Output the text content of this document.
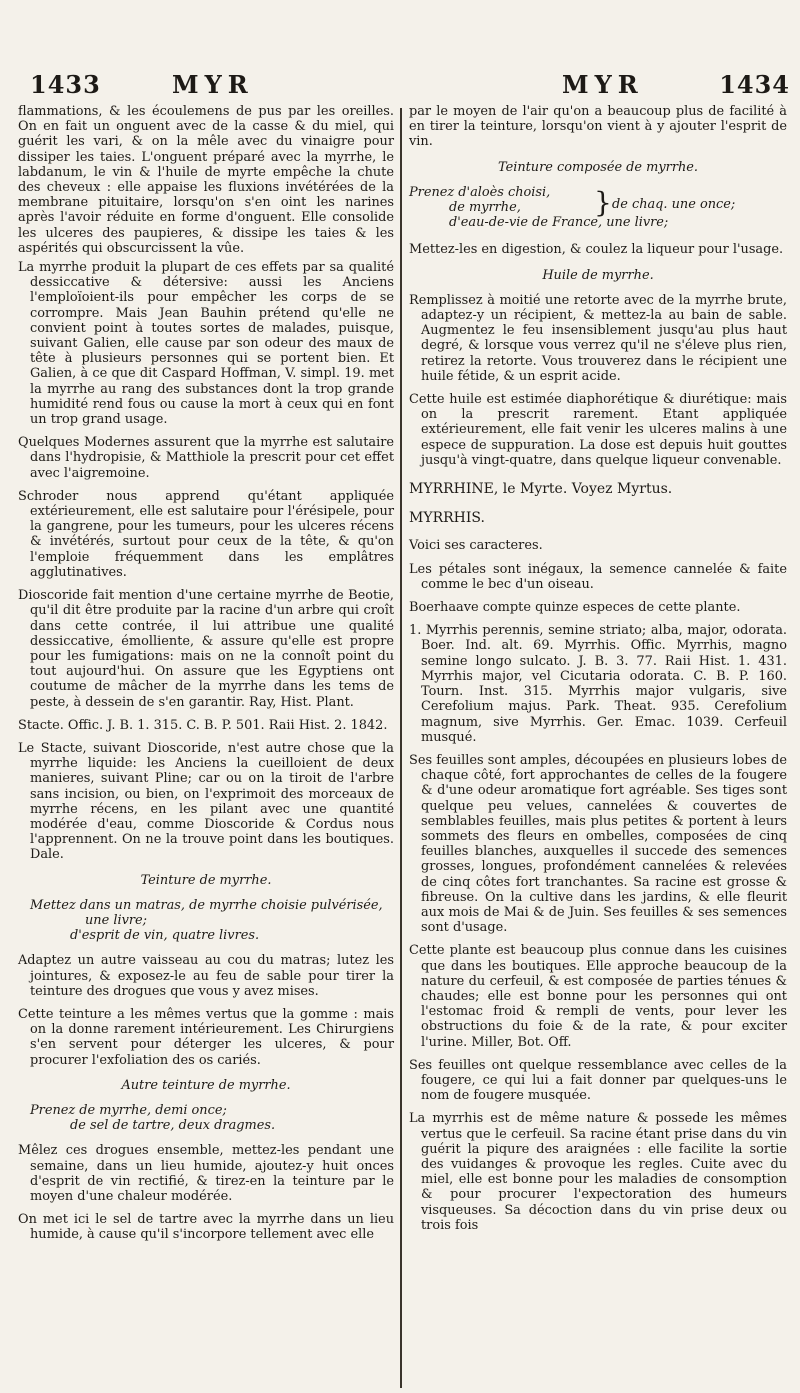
1433	MYR	MYR	1434

flammations, & les écoulemens de pus par les oreilles. On en fait un onguent avec de la casse & du miel, qui guérit les vari, & on la mêle avec du vinaigre pour dissiper les taies. L'onguent préparé avec la myrrhe, le labdanum, le vin & l'huile de myrte empêche la chute des cheveux : elle appaise les fluxions invétérées de la membrane pituitaire, lorsqu'on s'en oint les narines après l'avoir réduite en forme d'onguent. Elle consolide les ulceres des paupieres, & dissipe les taies & les aspérités qui obscurcissent la vûe.

La myrrhe produit la plupart de ces effets par sa qualité dessiccative & détersive: aussi les Anciens l'emploïoient-ils pour empêcher les corps de se corrompre. Mais Jean Bauhin prétend qu'elle ne convient point à toutes sortes de malades, puisque, suivant Galien, elle cause par son odeur des maux de tête à plusieurs personnes qui se portent bien. Et Galien, à ce que dit Caspard Hoffman, V. simpl. 19. met la myrrhe au rang des substances dont la trop grande humidité rend fous ou cause la mort à ceux qui en font un trop grand usage.

Quelques Modernes assurent que la myrrhe est salutaire dans l'hydropisie, & Matthiole la prescrit pour cet effet avec l'aigremoine.

Schroder nous apprend qu'étant appliquée extérieurement, elle est salutaire pour l'érésipele, pour la gangrene, pour les tumeurs, pour les ulceres récens & invétérés, surtout pour ceux de la tête, & qu'on l'emploie fréquemment dans les emplâtres agglutinatives.

Dioscoride fait mention d'une certaine myrrhe de Beotie, qu'il dit être produite par la racine d'un arbre qui croît dans cette contrée, il lui attribue une qualité dessiccative, émolliente, & assure qu'elle est propre pour les fumigations: mais on ne la connoît point du tout aujourd'hui. On assure que les Egyptiens ont coutume de mâcher de la myrrhe dans les tems de peste, à dessein de s'en garantir. Ray, Hist. Plant.

Stacte. Offic. J. B. 1. 315. C. B. P. 501. Raii Hist. 2. 1842.

Le Stacte, suivant Dioscoride, n'est autre chose que la myrrhe liquide: les Anciens la cueilloient de deux manieres, suivant Pline; car ou on la tiroit de l'arbre sans incision, ou bien, on l'exprimoit des morceaux de myrrhe récens, en les pilant avec une quantité modérée d'eau, comme Dioscoride & Cordus nous l'apprennent. On ne la trouve point dans les boutiques. Dale.

Teinture de myrrhe.

Mettez dans un matras, de myrrhe choisie pulvérisée,
une livre;
d'esprit de vin, quatre livres.

Adaptez un autre vaisseau au cou du matras; lutez les jointures, & exposez-le au feu de sable pour tirer la teinture des drogues que vous y avez mises.

Cette teinture a les mêmes vertus que la gomme : mais on la donne rarement intérieurement. Les Chirurgiens s'en servent pour déterger les ulceres, & pour procurer l'exfoliation des os cariés.

Autre teinture de myrrhe.

Prenez de myrrhe, demi once;
de sel de tartre, deux dragmes.

Mêlez ces drogues ensemble, mettez-les pendant une semaine, dans un lieu humide, ajoutez-y huit onces d'esprit de vin rectifié, & tirez-en la teinture par le moyen d'une chaleur modérée.

On met ici le sel de tartre avec la myrrhe dans un lieu humide, à cause qu'il s'incorpore tellement avec elle

par le moyen de l'air qu'on a beaucoup plus de facilité à en tirer la teinture, lorsqu'on vient à y ajouter l'esprit de vin.

Teinture composée de myrrhe.

Prenez d'aloès choisi,
de myrrhe,
d'eau-de-vie de France, une livre;
} de chaq. une once;

Mettez-les en digestion, & coulez la liqueur pour l'usage.

Huile de myrrhe.

Remplissez à moitié une retorte avec de la myrrhe brute, adaptez-y un récipient, & mettez-la au bain de sable. Augmentez le feu insensiblement jusqu'au plus haut degré, & lorsque vous verrez qu'il ne s'éleve plus rien, retirez la retorte. Vous trouverez dans le récipient une huile fétide, & un esprit acide.

Cette huile est estimée diaphorétique & diurétique: mais on la prescrit rarement. Etant appliquée extérieurement, elle fait venir les ulceres malins à une espece de suppuration. La dose est depuis huit gouttes jusqu'à vingt-quatre, dans quelque liqueur convenable.

MYRRHINE, le Myrte. Voyez Myrtus.

MYRRHIS.

Voici ses caracteres.

Les pétales sont inégaux, la semence cannelée & faite comme le bec d'un oiseau.

Boerhaave compte quinze especes de cette plante.

1. Myrrhis perennis, semine striato; alba, major, odorata. Boer. Ind. alt. 69. Myrrhis. Offic. Myrrhis, magno semine longo sulcato. J. B. 3. 77. Raii Hist. 1. 431. Myrrhis major, vel Cicutaria odorata. C. B. P. 160. Tourn. Inst. 315. Myrrhis major vulgaris, sive Cerefolium majus. Park. Theat. 935. Cerefolium magnum, sive Myrrhis. Ger. Emac. 1039. Cerfeuil musqué.

Ses feuilles sont amples, découpées en plusieurs lobes de chaque côté, fort approchantes de celles de la fougere & d'une odeur aromatique fort agréable. Ses tiges sont quelque peu velues, cannelées & couvertes de semblables feuilles, mais plus petites & portent à leurs sommets des fleurs en ombelles, composées de cinq feuilles blanches, auxquelles il succede des semences grosses, longues, profondément cannelées & relevées de cinq côtes fort tranchantes. Sa racine est grosse & fibreuse. On la cultive dans les jardins, & elle fleurit aux mois de Mai & de Juin. Ses feuilles & ses semences sont d'usage.

Cette plante est beaucoup plus connue dans les cuisines que dans les boutiques. Elle approche beaucoup de la nature du cerfeuil, & est composée de parties ténues & chaudes; elle est bonne pour les personnes qui ont l'estomac froid & rempli de vents, pour lever les obstructions du foie & de la rate, & pour exciter l'urine. Miller, Bot. Off.

Ses feuilles ont quelque ressemblance avec celles de la fougere, ce qui lui a fait donner par quelques-uns le nom de fougere musquée.

La myrrhis est de même nature & possede les mêmes vertus que le cerfeuil. Sa racine étant prise dans du vin guérit la piqure des araignées : elle facilite la sortie des vuidanges & provoque les regles. Cuite avec du miel, elle est bonne pour les maladies de consomption & pour procurer l'expectoration des humeurs visqueuses. Sa décoction dans du vin prise deux ou trois fois
